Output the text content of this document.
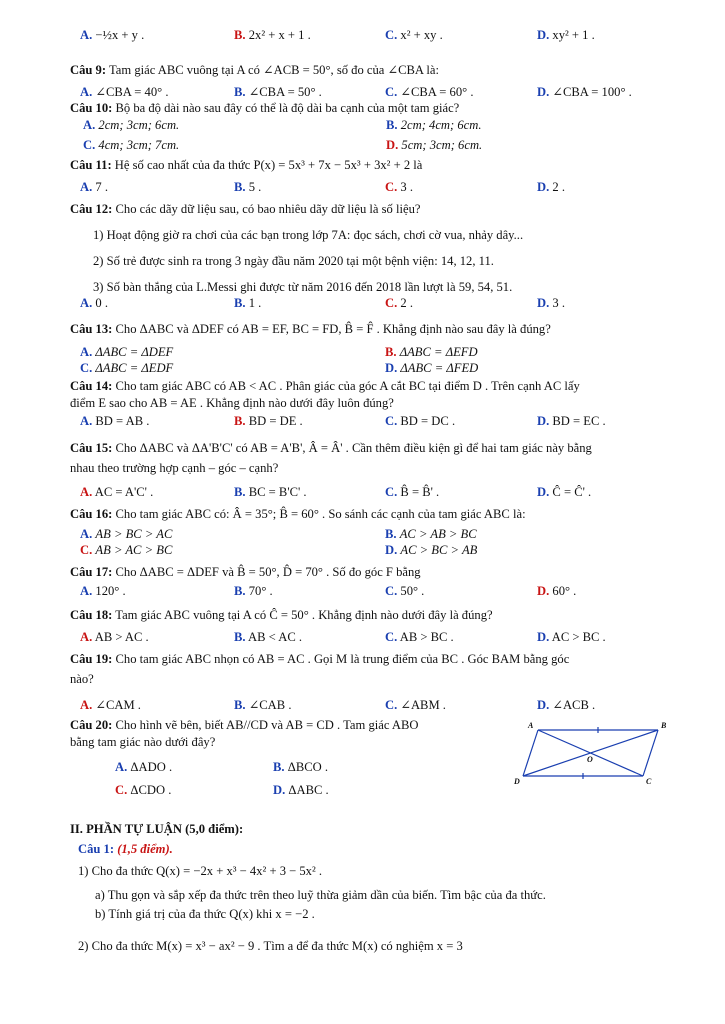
A. −½x + y .	B. 2x² + x + 1 .	C. x² + xy .	D. xy² + 1 .
Câu 9: Tam giác ABC vuông tại A có ∠ACB = 50°, số đo của ∠CBA là:
A. ∠CBA = 40° .	B. ∠CBA = 50° .	C. ∠CBA = 60° .	D. ∠CBA = 100° .
Câu 10: Bộ ba độ dài nào sau đây có thể là độ dài ba cạnh của một tam giác?
A. 2cm; 3cm; 6cm.	B. 2cm; 4cm; 6cm.
C. 4cm; 3cm; 7cm.	D. 5cm; 3cm; 6cm.
Câu 11: Hệ số cao nhất của đa thức P(x) = 5x³ + 7x − 5x³ + 3x² + 2 là
A. 7 .	B. 5 .	C. 3 .	D. 2 .
Câu 12: Cho các dãy dữ liệu sau, có bao nhiêu dãy dữ liệu là số liệu?
1) Hoạt động giờ ra chơi của các bạn trong lớp 7A: đọc sách, chơi cờ vua, nhảy dây...
2) Số trẻ được sinh ra trong 3 ngày đầu năm 2020 tại một bệnh viện: 14, 12, 11.
3) Số bàn thắng của L.Messi ghi được từ năm 2016 đến 2018 lần lượt là 59, 54, 51.
A. 0 .	B. 1 .	C. 2 .	D. 3 .
Câu 13: Cho ΔABC và ΔDEF có AB = EF, BC = FD, B̂ = F̂ . Khẳng định nào sau đây là đúng?
A. ΔABC = ΔDEF	B. ΔABC = ΔEFD
C. ΔABC = ΔEDF	D. ΔABC = ΔFED
Câu 14: Cho tam giác ABC có AB < AC . Phân giác của góc A cắt BC tại điểm D . Trên cạnh AC lấy
điểm E sao cho AB = AE . Khẳng định nào dưới đây luôn đúng?
A. BD = AB .	B. BD = DE .	C. BD = DC .	D. BD = EC .
Câu 15: Cho ΔABC và ΔA'B'C' có AB = A'B', Â = Â' . Cần thêm điều kiện gì để hai tam giác này bằng
nhau theo trường hợp cạnh – góc – cạnh?
A. AC = A'C' .	B. BC = B'C' .	C. B̂ = B̂' .	D. Ĉ = Ĉ' .
Câu 16: Cho tam giác ABC có: Â = 35°; B̂ = 60° . So sánh các cạnh của tam giác ABC là:
A. AB > BC > AC	B. AC > AB > BC
C. AB > AC > BC	D. AC > BC > AB
Câu 17: Cho ΔABC = ΔDEF và B̂ = 50°, D̂ = 70° . Số đo góc F bằng
A. 120° .	B. 70° .	C. 50° .	D. 60° .
Câu 18: Tam giác ABC vuông tại A có Ĉ = 50° . Khẳng định nào dưới đây là đúng?
A. AB > AC .	B. AB < AC .	C. AB > BC .	D. AC > BC .
Câu 19: Cho tam giác ABC nhọn có AB = AC . Gọi M là trung điểm của BC . Góc BAM bằng góc
nào?
A. ∠CAM .	B. ∠CAB .	C. ∠ABM .	D. ∠ACB .
Câu 20: Cho hình vẽ bên, biết AB//CD và AB = CD . Tam giác ABO
bằng tam giác nào dưới đây?
A. ΔADO .	B. ΔBCO .
C. ΔCDO .	D. ΔABC .
A	B
C
D
O
II. PHẦN TỰ LUẬN (5,0 điểm):
Câu 1: (1,5 điểm).
1) Cho đa thức Q(x) = −2x + x³ − 4x² + 3 − 5x² .
a) Thu gọn và sắp xếp đa thức trên theo luỹ thừa giảm dần của biến. Tìm bậc của đa thức.
b) Tính giá trị của đa thức Q(x) khi x = −2 .
2) Cho đa thức M(x) = x³ − ax² − 9 . Tìm a để đa thức M(x) có nghiệm x = 3
